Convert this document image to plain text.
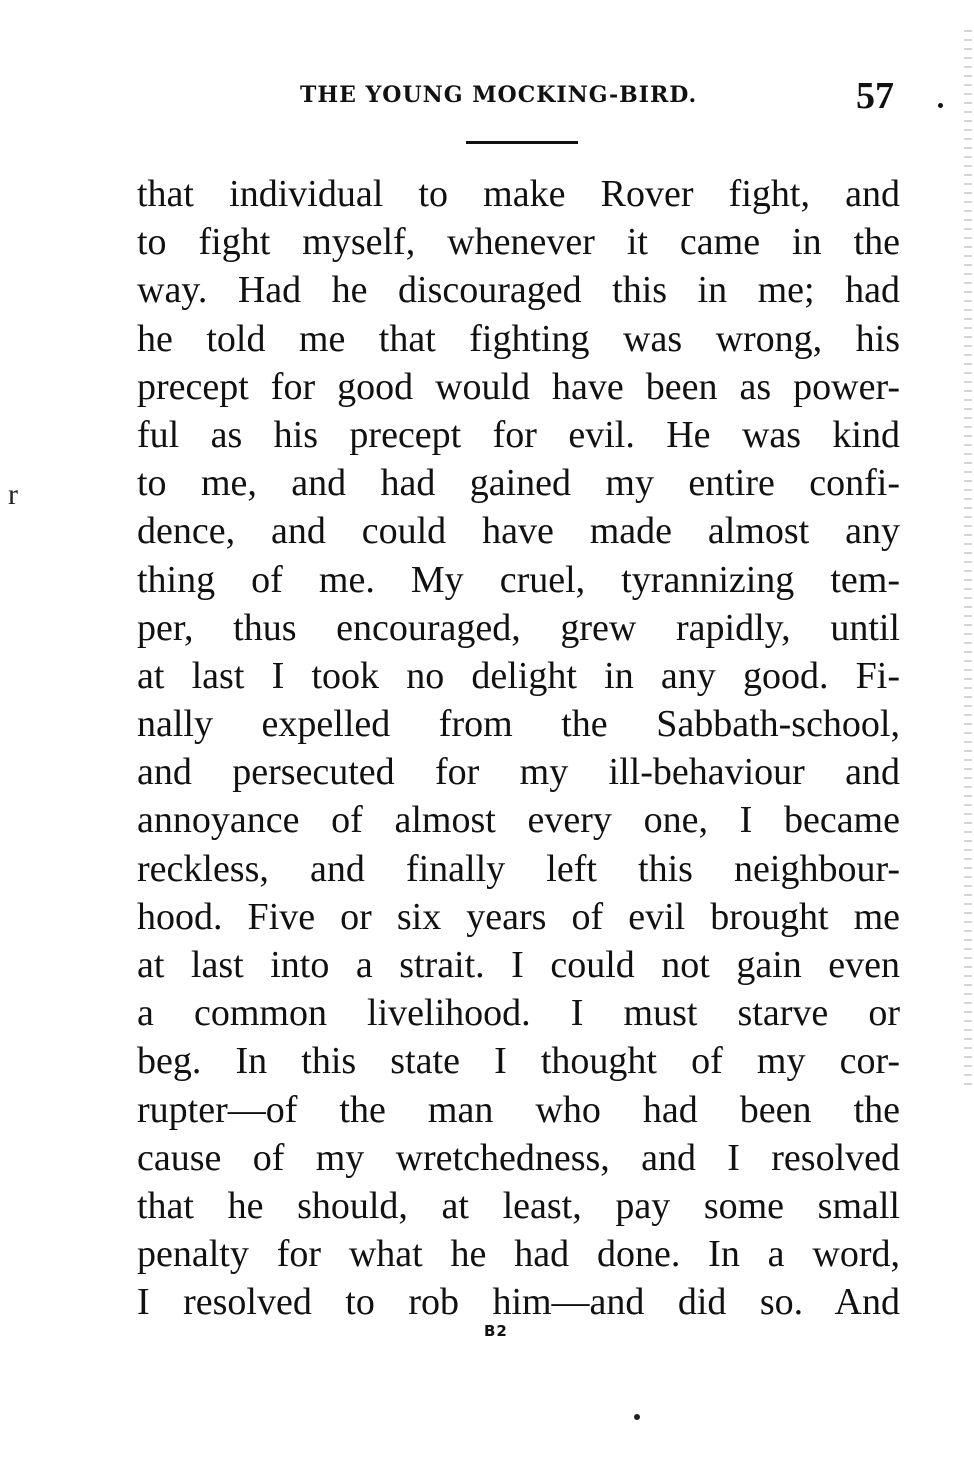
THE YOUNG MOCKING-BIRD.	57
r
that individual to make Rover fight, and
to fight myself, whenever it came in the
way. Had he discouraged this in me; had
he told me that fighting was wrong, his
precept for good would have been as power-
ful as his precept for evil. He was kind
to me, and had gained my entire confi-
dence, and could have made almost any
thing of me. My cruel, tyrannizing tem-
per, thus encouraged, grew rapidly, until
at last I took no delight in any good. Fi-
nally expelled from the Sabbath-school,
and persecuted for my ill-behaviour and
annoyance of almost every one, I became
reckless, and finally left this neighbour-
hood. Five or six years of evil brought me
at last into a strait. I could not gain even
a common livelihood. I must starve or
beg. In this state I thought of my cor-
rupter—of the man who had been the
cause of my wretchedness, and I resolved
that he should, at least, pay some small
penalty for what he had done. In a word,
I resolved to rob him—and did so. And
B2
